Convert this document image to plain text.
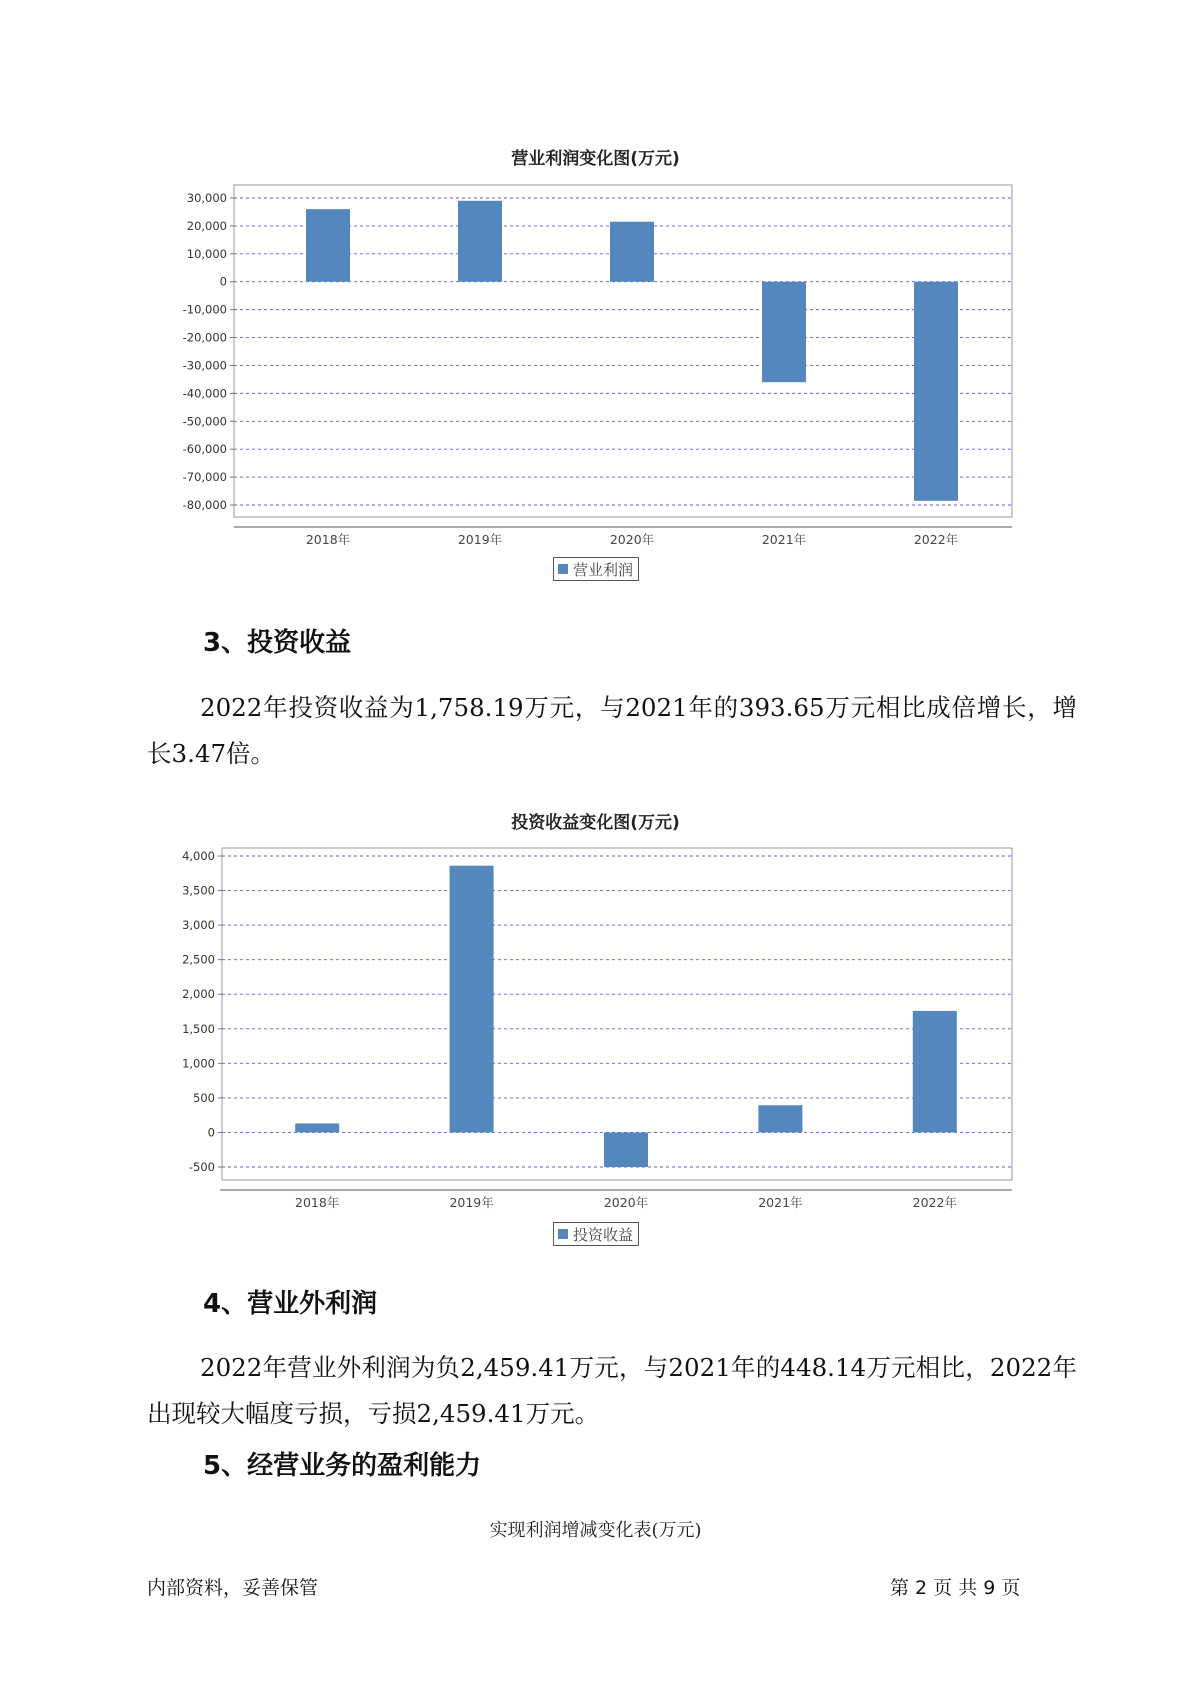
营业利润变化图(万元)
30,000
20,000
10,000
0
-10,000
-20,000
-30,000
-40,000
-50,000
-60,000
-70,000
-80,000
2018年	2019年	2020年	2021年	2022年
营业利润
3、投资收益
2022年投资收益为1,758.19万元，与2021年的393.65万元相比成倍增长，增长3.47倍。
投资收益变化图(万元)
4,000
3,500
3,000
2,500
2,000
1,500
1,000
500
0
-500
2018年	2019年	2020年	2021年	2022年
投资收益
4、营业外利润
2022年营业外利润为负2,459.41万元，与2021年的448.14万元相比，2022年出现较大幅度亏损，亏损2,459.41万元。
5、经营业务的盈利能力
实现利润增减变化表(万元)
内部资料，妥善保管	第 2 页 共 9 页
